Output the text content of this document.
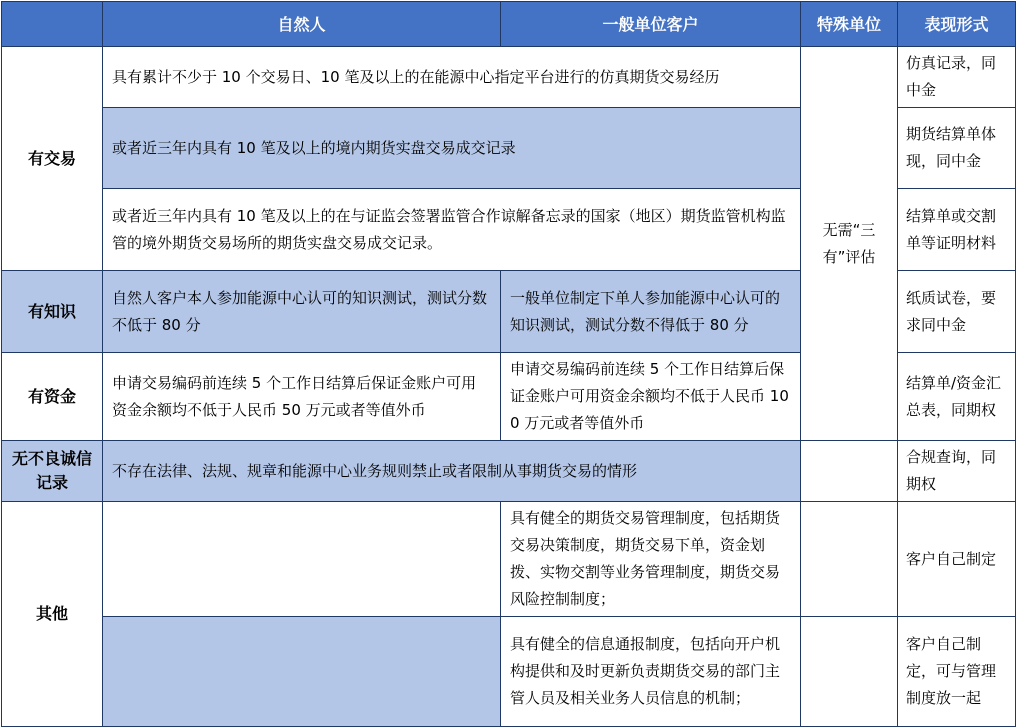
	自然人	一般单位客户	特殊单位	表现形式
有交易	具有累计不少于 10 个交易日、10 笔及以上的在能源中心指定平台进行的仿真期货交易经历		无需“三有”评估	仿真记录，同中金
	或者近三年内具有 10 笔及以上的境内期货实盘交易成交记录			期货结算单体现，同中金
	或者近三年内具有 10 笔及以上的在与证监会签署监管合作谅解备忘录的国家（地区）期货监管机构监管的境外期货交易场所的期货实盘交易成交记录。			结算单或交割单等证明材料
有知识	自然人客户本人参加能源中心认可的知识测试，测试分数不低于 80 分	一般单位制定下单人参加能源中心认可的知识测试，测试分数不得低于 80 分		纸质试卷，要求同中金
有资金	申请交易编码前连续 5 个工作日结算后保证金账户可用资金余额均不低于人民币 50 万元或者等值外币	申请交易编码前连续 5 个工作日结算后保证金账户可用资金余额均不低于人民币 100 万元或者等值外币		结算单/资金汇总表，同期权
无不良诚信记录	不存在法律、法规、规章和能源中心业务规则禁止或者限制从事期货交易的情形			合规查询，同期权
其他		具有健全的期货交易管理制度，包括期货交易决策制度，期货交易下单，资金划拨、实物交割等业务管理制度，期货交易风险控制制度；		客户自己制定
		具有健全的信息通报制度，包括向开户机构提供和及时更新负责期货交易的部门主管人员及相关业务人员信息的机制；		客户自己制定，可与管理制度放一起
